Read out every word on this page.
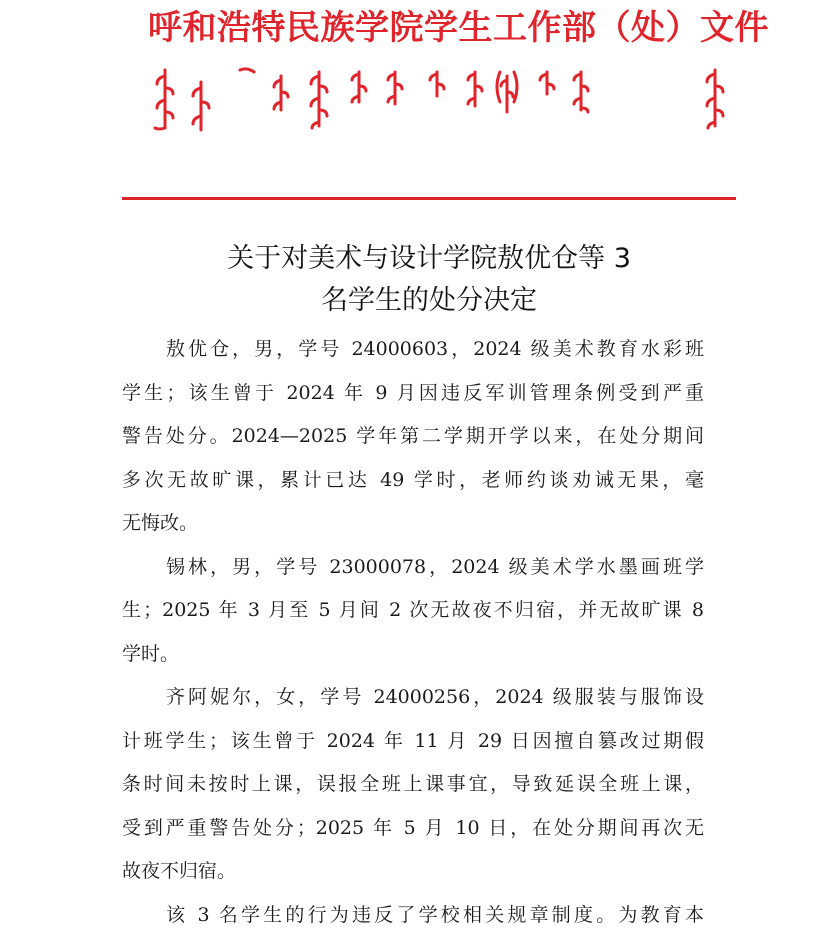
呼和浩特民族学院学生工作部（处）文件
关于对美术与设计学院敖优仓等 3
名学生的处分决定
敖优仓，男，学号 24000603，2024 级美术教育水彩班
学生；该生曾于 2024 年 9 月因违反军训管理条例受到严重
警告处分。2024—2025 学年第二学期开学以来，在处分期间
多次无故旷课，累计已达 49 学时，老师约谈劝诫无果，毫
无悔改。
锡林，男，学号 23000078，2024 级美术学水墨画班学
生；2025 年 3 月至 5 月间 2 次无故夜不归宿，并无故旷课 8
学时。
齐阿妮尔，女，学号 24000256，2024 级服装与服饰设
计班学生；该生曾于 2024 年 11 月 29 日因擅自篡改过期假
条时间未按时上课，误报全班上课事宜，导致延误全班上课，
受到严重警告处分；2025 年 5 月 10 日，在处分期间再次无
故夜不归宿。
该 3 名学生的行为违反了学校相关规章制度。为教育本
